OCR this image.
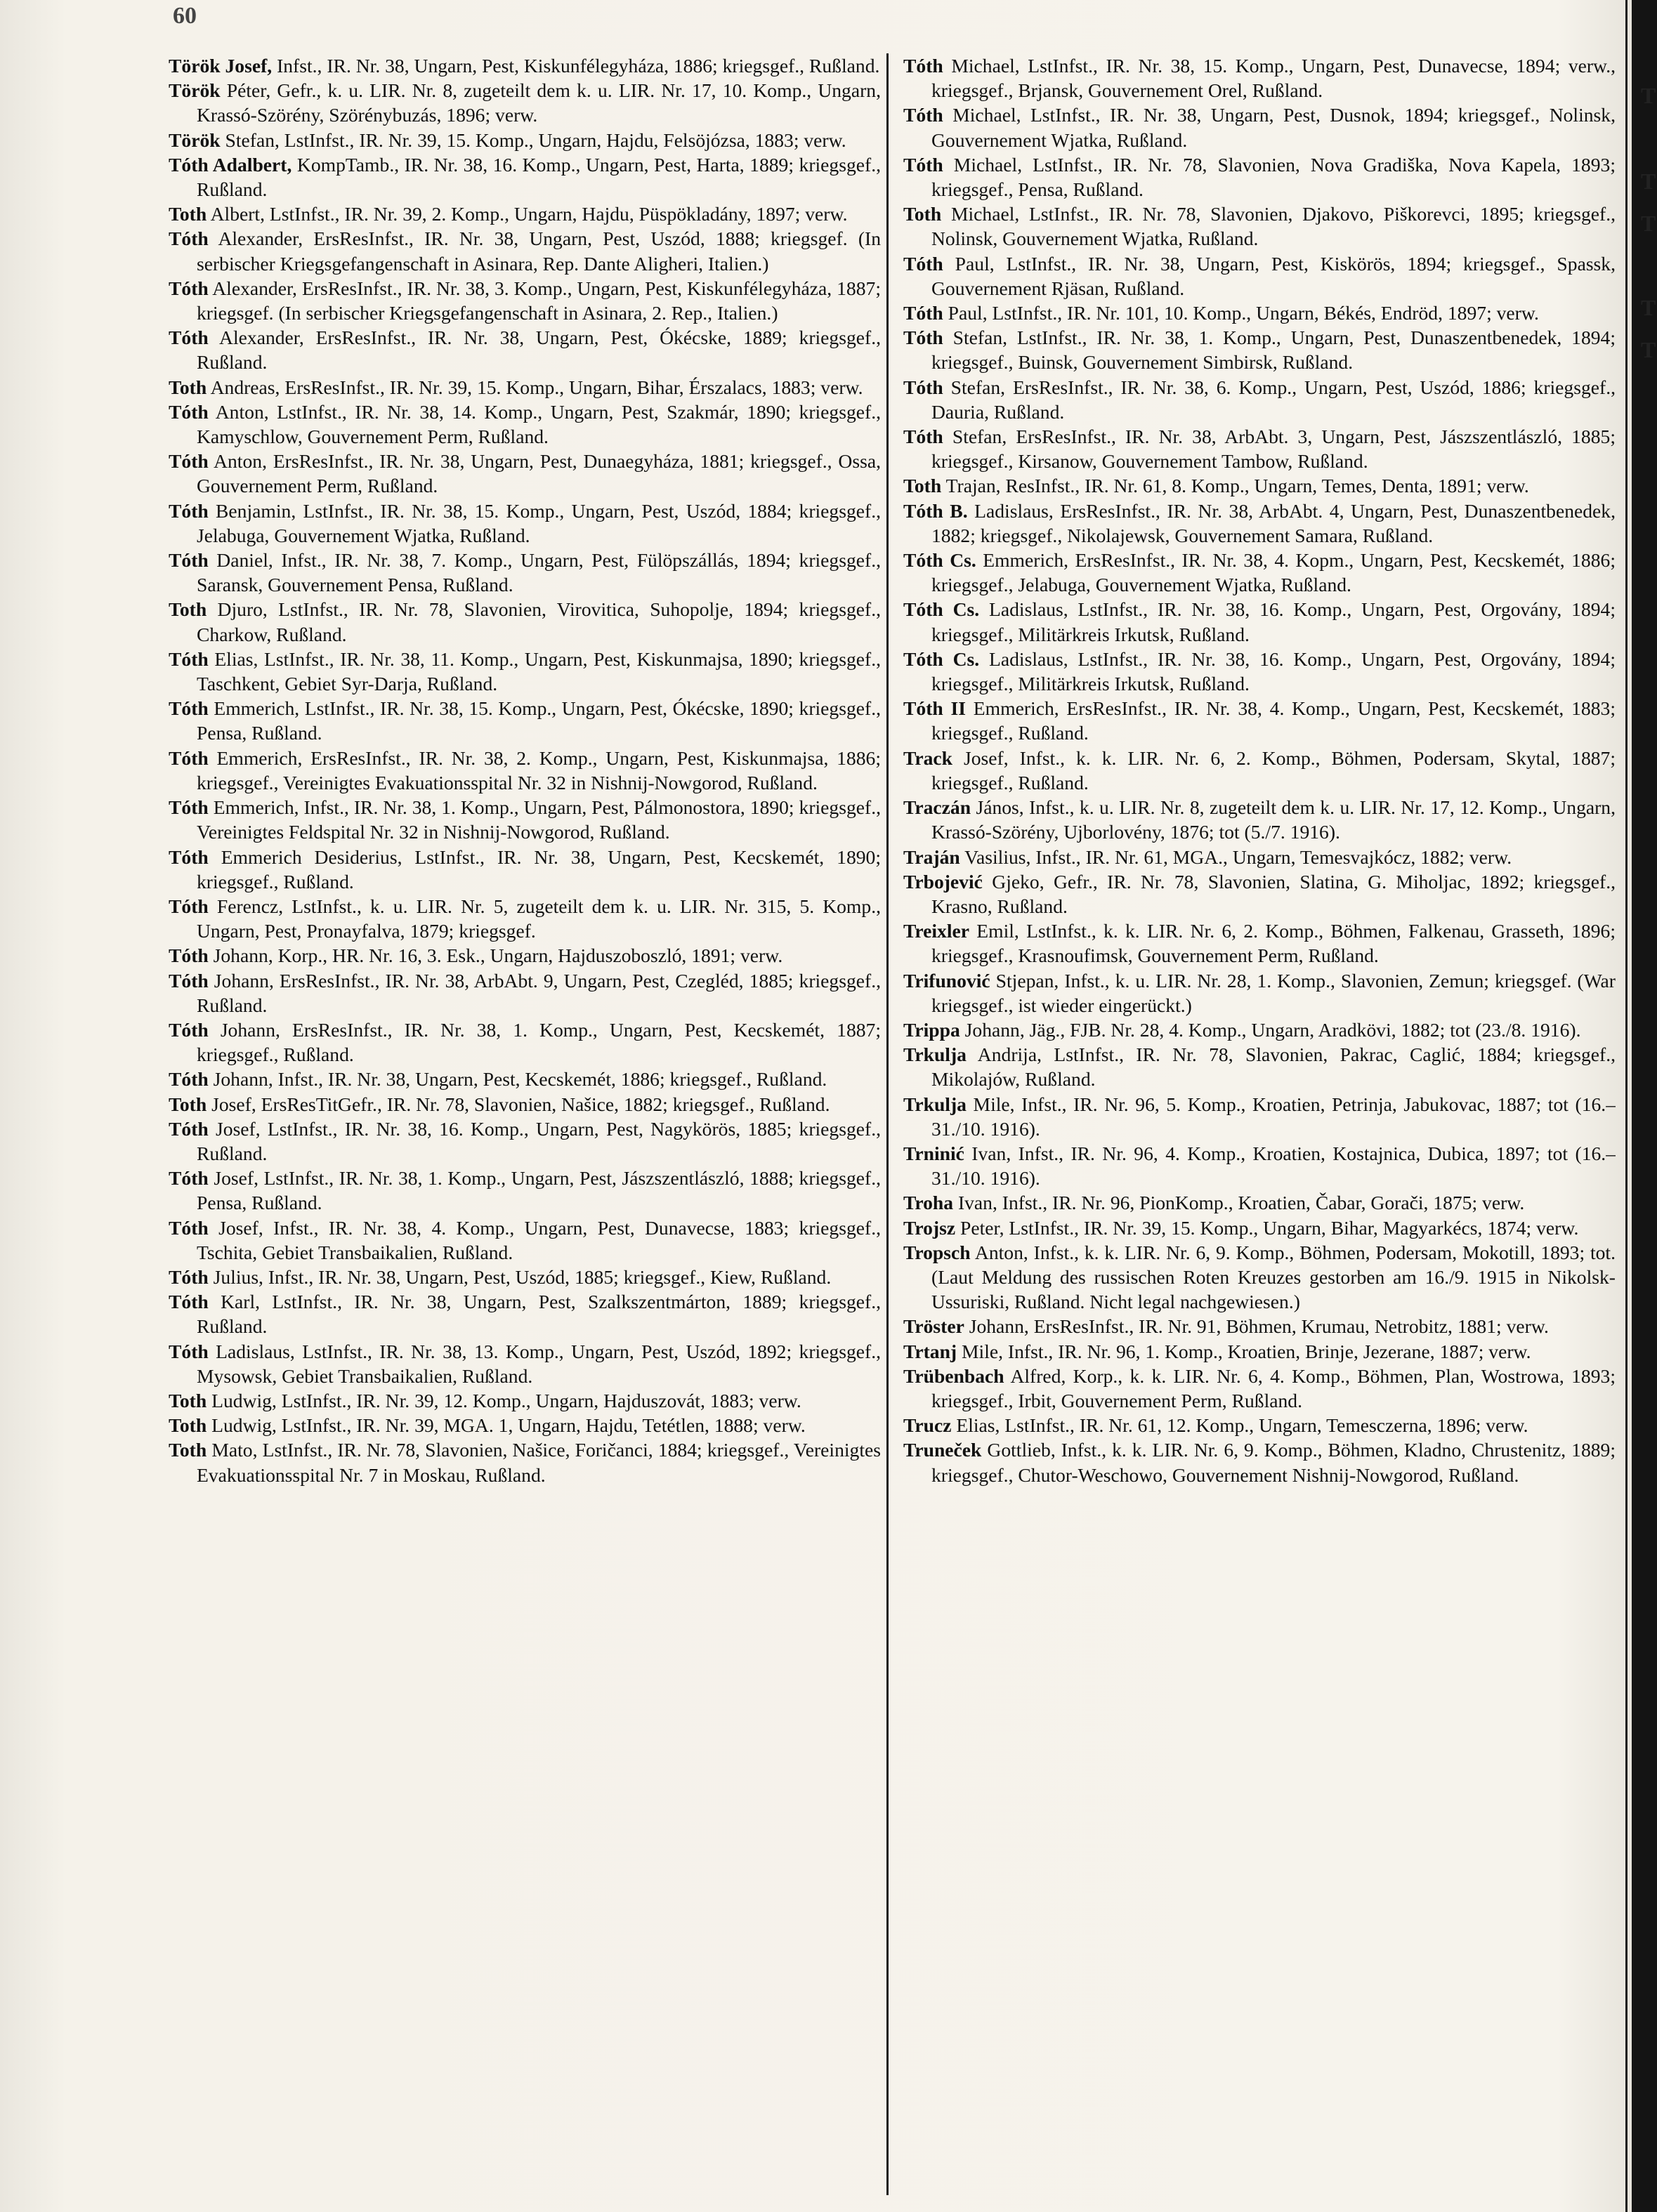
60

Török Josef, Infst., IR. Nr. 38, Ungarn, Pest, Kiskunfélegyháza, 1886; kriegsgef., Rußland.

Török Péter, Gefr., k. u. LIR. Nr. 8, zugeteilt dem k. u. LIR. Nr. 17, 10. Komp., Ungarn, Krassó-Szörény, Szörénybuzás, 1896; verw.

Török Stefan, LstInfst., IR. Nr. 39, 15. Komp., Ungarn, Hajdu, Felsöjózsa, 1883; verw.

Tóth Adalbert, KompTamb., IR. Nr. 38, 16. Komp., Ungarn, Pest, Harta, 1889; kriegsgef., Rußland.

Toth Albert, LstInfst., IR. Nr. 39, 2. Komp., Ungarn, Hajdu, Püspökladány, 1897; verw.

Tóth Alexander, ErsResInfst., IR. Nr. 38, Ungarn, Pest, Uszód, 1888; kriegsgef. (In serbischer Kriegsgefangenschaft in Asinara, Rep. Dante Aligheri, Italien.)

Tóth Alexander, ErsResInfst., IR. Nr. 38, 3. Komp., Ungarn, Pest, Kiskunfélegyháza, 1887; kriegsgef. (In serbischer Kriegsgefangenschaft in Asinara, 2. Rep., Italien.)

Tóth Alexander, ErsResInfst., IR. Nr. 38, Ungarn, Pest, Ókécske, 1889; kriegsgef., Rußland.

Toth Andreas, ErsResInfst., IR. Nr. 39, 15. Komp., Ungarn, Bihar, Érszalacs, 1883; verw.

Tóth Anton, LstInfst., IR. Nr. 38, 14. Komp., Ungarn, Pest, Szakmár, 1890; kriegsgef., Kamyschlow, Gouvernement Perm, Rußland.

Tóth Anton, ErsResInfst., IR. Nr. 38, Ungarn, Pest, Dunaegyháza, 1881; kriegsgef., Ossa, Gouvernement Perm, Rußland.

Tóth Benjamin, LstInfst., IR. Nr. 38, 15. Komp., Ungarn, Pest, Uszód, 1884; kriegsgef., Jelabuga, Gouvernement Wjatka, Rußland.

Tóth Daniel, Infst., IR. Nr. 38, 7. Komp., Ungarn, Pest, Fülöpszállás, 1894; kriegsgef., Saransk, Gouvernement Pensa, Rußland.

Toth Djuro, LstInfst., IR. Nr. 78, Slavonien, Virovitica, Suhopolje, 1894; kriegsgef., Charkow, Rußland.

Tóth Elias, LstInfst., IR. Nr. 38, 11. Komp., Ungarn, Pest, Kiskunmajsa, 1890; kriegsgef., Taschkent, Gebiet Syr-Darja, Rußland.

Tóth Emmerich, LstInfst., IR. Nr. 38, 15. Komp., Ungarn, Pest, Ókécske, 1890; kriegsgef., Pensa, Rußland.

Tóth Emmerich, ErsResInfst., IR. Nr. 38, 2. Komp., Ungarn, Pest, Kiskunmajsa, 1886; kriegsgef., Vereinigtes Evakuationsspital Nr. 32 in Nishnij-Nowgorod, Rußland.

Tóth Emmerich, Infst., IR. Nr. 38, 1. Komp., Ungarn, Pest, Pálmonostora, 1890; kriegsgef., Vereinigtes Feldspital Nr. 32 in Nishnij-Nowgorod, Rußland.

Tóth Emmerich Desiderius, LstInfst., IR. Nr. 38, Ungarn, Pest, Kecskemét, 1890; kriegsgef., Rußland.

Tóth Ferencz, LstInfst., k. u. LIR. Nr. 5, zugeteilt dem k. u. LIR. Nr. 315, 5. Komp., Ungarn, Pest, Pronayfalva, 1879; kriegsgef.

Tóth Johann, Korp., HR. Nr. 16, 3. Esk., Ungarn, Hajduszoboszló, 1891; verw.

Tóth Johann, ErsResInfst., IR. Nr. 38, ArbAbt. 9, Ungarn, Pest, Czegléd, 1885; kriegsgef., Rußland.

Tóth Johann, ErsResInfst., IR. Nr. 38, 1. Komp., Ungarn, Pest, Kecskemét, 1887; kriegsgef., Rußland.

Tóth Johann, Infst., IR. Nr. 38, Ungarn, Pest, Kecskemét, 1886; kriegsgef., Rußland.

Toth Josef, ErsResTitGefr., IR. Nr. 78, Slavonien, Našice, 1882; kriegsgef., Rußland.

Tóth Josef, LstInfst., IR. Nr. 38, 16. Komp., Ungarn, Pest, Nagykörös, 1885; kriegsgef., Rußland.

Tóth Josef, LstInfst., IR. Nr. 38, 1. Komp., Ungarn, Pest, Jászszentlászló, 1888; kriegsgef., Pensa, Rußland.

Tóth Josef, Infst., IR. Nr. 38, 4. Komp., Ungarn, Pest, Dunavecse, 1883; kriegsgef., Tschita, Gebiet Transbaikalien, Rußland.

Tóth Julius, Infst., IR. Nr. 38, Ungarn, Pest, Uszód, 1885; kriegsgef., Kiew, Rußland.

Tóth Karl, LstInfst., IR. Nr. 38, Ungarn, Pest, Szalkszentmárton, 1889; kriegsgef., Rußland.

Tóth Ladislaus, LstInfst., IR. Nr. 38, 13. Komp., Ungarn, Pest, Uszód, 1892; kriegsgef., Mysowsk, Gebiet Transbaikalien, Rußland.

Toth Ludwig, LstInfst., IR. Nr. 39, 12. Komp., Ungarn, Hajduszovát, 1883; verw.

Toth Ludwig, LstInfst., IR. Nr. 39, MGA. 1, Ungarn, Hajdu, Tetétlen, 1888; verw.

Toth Mato, LstInfst., IR. Nr. 78, Slavonien, Našice, Foričanci, 1884; kriegsgef., Vereinigtes Evakuationsspital Nr. 7 in Moskau, Rußland.

Tóth Michael, LstInfst., IR. Nr. 38, 15. Komp., Ungarn, Pest, Dunavecse, 1894; verw., kriegsgef., Brjansk, Gouvernement Orel, Rußland.

Tóth Michael, LstInfst., IR. Nr. 38, Ungarn, Pest, Dusnok, 1894; kriegsgef., Nolinsk, Gouvernement Wjatka, Rußland.

Tóth Michael, LstInfst., IR. Nr. 78, Slavonien, Nova Gradiška, Nova Kapela, 1893; kriegsgef., Pensa, Rußland.

Toth Michael, LstInfst., IR. Nr. 78, Slavonien, Djakovo, Piškorevci, 1895; kriegsgef., Nolinsk, Gouvernement Wjatka, Rußland.

Tóth Paul, LstInfst., IR. Nr. 38, Ungarn, Pest, Kiskörös, 1894; kriegsgef., Spassk, Gouvernement Rjäsan, Rußland.

Tóth Paul, LstInfst., IR. Nr. 101, 10. Komp., Ungarn, Békés, Endröd, 1897; verw.

Tóth Stefan, LstInfst., IR. Nr. 38, 1. Komp., Ungarn, Pest, Dunaszentbenedek, 1894; kriegsgef., Buinsk, Gouvernement Simbirsk, Rußland.

Tóth Stefan, ErsResInfst., IR. Nr. 38, 6. Komp., Ungarn, Pest, Uszód, 1886; kriegsgef., Dauria, Rußland.

Tóth Stefan, ErsResInfst., IR. Nr. 38, ArbAbt. 3, Ungarn, Pest, Jászszentlászló, 1885; kriegsgef., Kirsanow, Gouvernement Tambow, Rußland.

Toth Trajan, ResInfst., IR. Nr. 61, 8. Komp., Ungarn, Temes, Denta, 1891; verw.

Tóth B. Ladislaus, ErsResInfst., IR. Nr. 38, ArbAbt. 4, Ungarn, Pest, Dunaszentbenedek, 1882; kriegsgef., Nikolajewsk, Gouvernement Samara, Rußland.

Tóth Cs. Emmerich, ErsResInfst., IR. Nr. 38, 4. Kopm., Ungarn, Pest, Kecskemét, 1886; kriegsgef., Jelabuga, Gouvernement Wjatka, Rußland.

Tóth Cs. Ladislaus, LstInfst., IR. Nr. 38, 16. Komp., Ungarn, Pest, Orgovány, 1894; kriegsgef., Militärkreis Irkutsk, Rußland.

Tóth Cs. Ladislaus, LstInfst., IR. Nr. 38, 16. Komp., Ungarn, Pest, Orgovány, 1894; kriegsgef., Militärkreis Irkutsk, Rußland.

Tóth II Emmerich, ErsResInfst., IR. Nr. 38, 4. Komp., Ungarn, Pest, Kecskemét, 1883; kriegsgef., Rußland.

Track Josef, Infst., k. k. LIR. Nr. 6, 2. Komp., Böhmen, Podersam, Skytal, 1887; kriegsgef., Rußland.

Traczán János, Infst., k. u. LIR. Nr. 8, zugeteilt dem k. u. LIR. Nr. 17, 12. Komp., Ungarn, Krassó-Szörény, Ujborlovény, 1876; tot (5./7. 1916).

Traján Vasilius, Infst., IR. Nr. 61, MGA., Ungarn, Temesvajkócz, 1882; verw.

Trbojević Gjeko, Gefr., IR. Nr. 78, Slavonien, Slatina, G. Miholjac, 1892; kriegsgef., Krasno, Rußland.

Treixler Emil, LstInfst., k. k. LIR. Nr. 6, 2. Komp., Böhmen, Falkenau, Grasseth, 1896; kriegsgef., Krasnoufimsk, Gouvernement Perm, Rußland.

Trifunović Stjepan, Infst., k. u. LIR. Nr. 28, 1. Komp., Slavonien, Zemun; kriegsgef. (War kriegsgef., ist wieder eingerückt.)

Trippa Johann, Jäg., FJB. Nr. 28, 4. Komp., Ungarn, Aradkövi, 1882; tot (23./8. 1916).

Trkulja Andrija, LstInfst., IR. Nr. 78, Slavonien, Pakrac, Caglić, 1884; kriegsgef., Mikolajów, Rußland.

Trkulja Mile, Infst., IR. Nr. 96, 5. Komp., Kroatien, Petrinja, Jabukovac, 1887; tot (16.–31./10. 1916).

Trninić Ivan, Infst., IR. Nr. 96, 4. Komp., Kroatien, Kostajnica, Dubica, 1897; tot (16.–31./10. 1916).

Troha Ivan, Infst., IR. Nr. 96, PionKomp., Kroatien, Čabar, Gorači, 1875; verw.

Trojsz Peter, LstInfst., IR. Nr. 39, 15. Komp., Ungarn, Bihar, Magyarkécs, 1874; verw.

Tropsch Anton, Infst., k. k. LIR. Nr. 6, 9. Komp., Böhmen, Podersam, Mokotill, 1893; tot. (Laut Meldung des russischen Roten Kreuzes gestorben am 16./9. 1915 in Nikolsk-Ussuriski, Rußland. Nicht legal nachgewiesen.)

Tröster Johann, ErsResInfst., IR. Nr. 91, Böhmen, Krumau, Netrobitz, 1881; verw.

Trtanj Mile, Infst., IR. Nr. 96, 1. Komp., Kroatien, Brinje, Jezerane, 1887; verw.

Trübenbach Alfred, Korp., k. k. LIR. Nr. 6, 4. Komp., Böhmen, Plan, Wostrowa, 1893; kriegsgef., Irbit, Gouvernement Perm, Rußland.

Trucz Elias, LstInfst., IR. Nr. 61, 12. Komp., Ungarn, Temesczerna, 1896; verw.

Truneček Gottlieb, Infst., k. k. LIR. Nr. 6, 9. Komp., Böhmen, Kladno, Chrustenitz, 1889; kriegsgef., Chutor-Weschowo, Gouvernement Nishnij-Nowgorod, Rußland.

T
T
T
T
T
